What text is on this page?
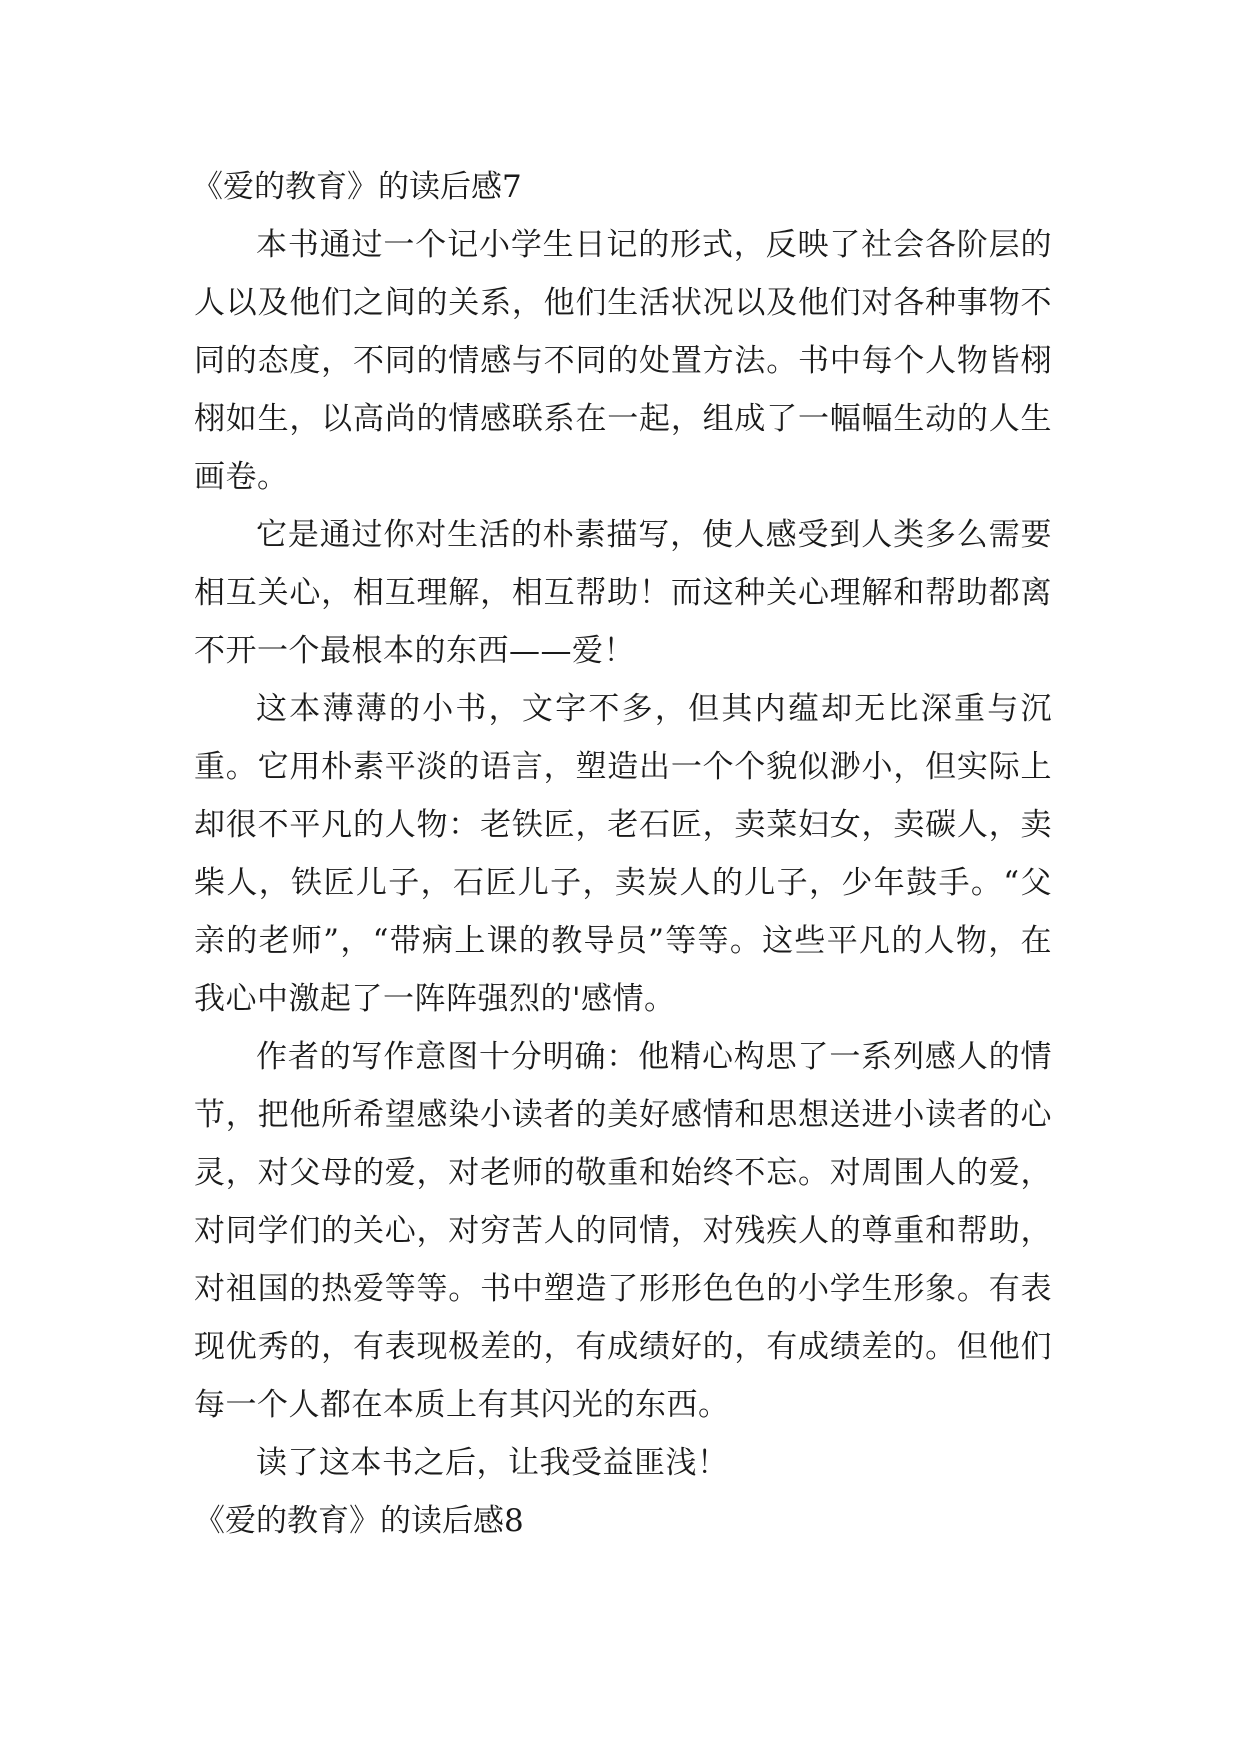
《爱的教育》的读后感7

本书通过一个记小学生日记的形式，反映了社会各阶层的人以及他们之间的关系，他们生活状况以及他们对各种事物不同的态度，不同的情感与不同的处置方法。书中每个人物皆栩栩如生，以高尚的情感联系在一起，组成了一幅幅生动的人生画卷。

它是通过你对生活的朴素描写，使人感受到人类多么需要相互关心，相互理解，相互帮助！而这种关心理解和帮助都离不开一个最根本的东西——爱！

这本薄薄的小书，文字不多，但其内蕴却无比深重与沉重。它用朴素平淡的语言，塑造出一个个貌似渺小，但实际上却很不平凡的人物：老铁匠，老石匠，卖菜妇女，卖碳人，卖柴人，铁匠儿子，石匠儿子，卖炭人的儿子，少年鼓手。“父亲的老师”，“带病上课的教导员”等等。这些平凡的人物，在我心中激起了一阵阵强烈的'感情。

作者的写作意图十分明确：他精心构思了一系列感人的情节，把他所希望感染小读者的美好感情和思想送进小读者的心灵，对父母的爱，对老师的敬重和始终不忘。对周围人的爱，对同学们的关心，对穷苦人的同情，对残疾人的尊重和帮助，对祖国的热爱等等。书中塑造了形形色色的小学生形象。有表现优秀的，有表现极差的，有成绩好的，有成绩差的。但他们每一个人都在本质上有其闪光的东西。

读了这本书之后，让我受益匪浅！

《爱的教育》的读后感8
